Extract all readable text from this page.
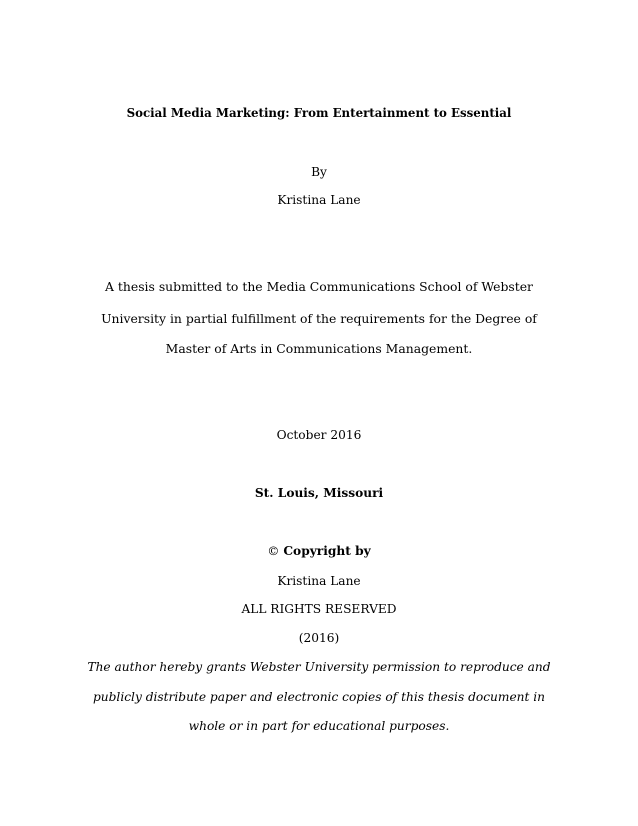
Social Media Marketing: From Entertainment to Essential
By
Kristina Lane
A thesis submitted to the Media Communications School of Webster
University in partial fulfillment of the requirements for the Degree of
Master of Arts in Communications Management.
October 2016
St. Louis, Missouri
© Copyright by
Kristina Lane
ALL RIGHTS RESERVED
(2016)
The author hereby grants Webster University permission to reproduce and
publicly distribute paper and electronic copies of this thesis document in
whole or in part for educational purposes.
